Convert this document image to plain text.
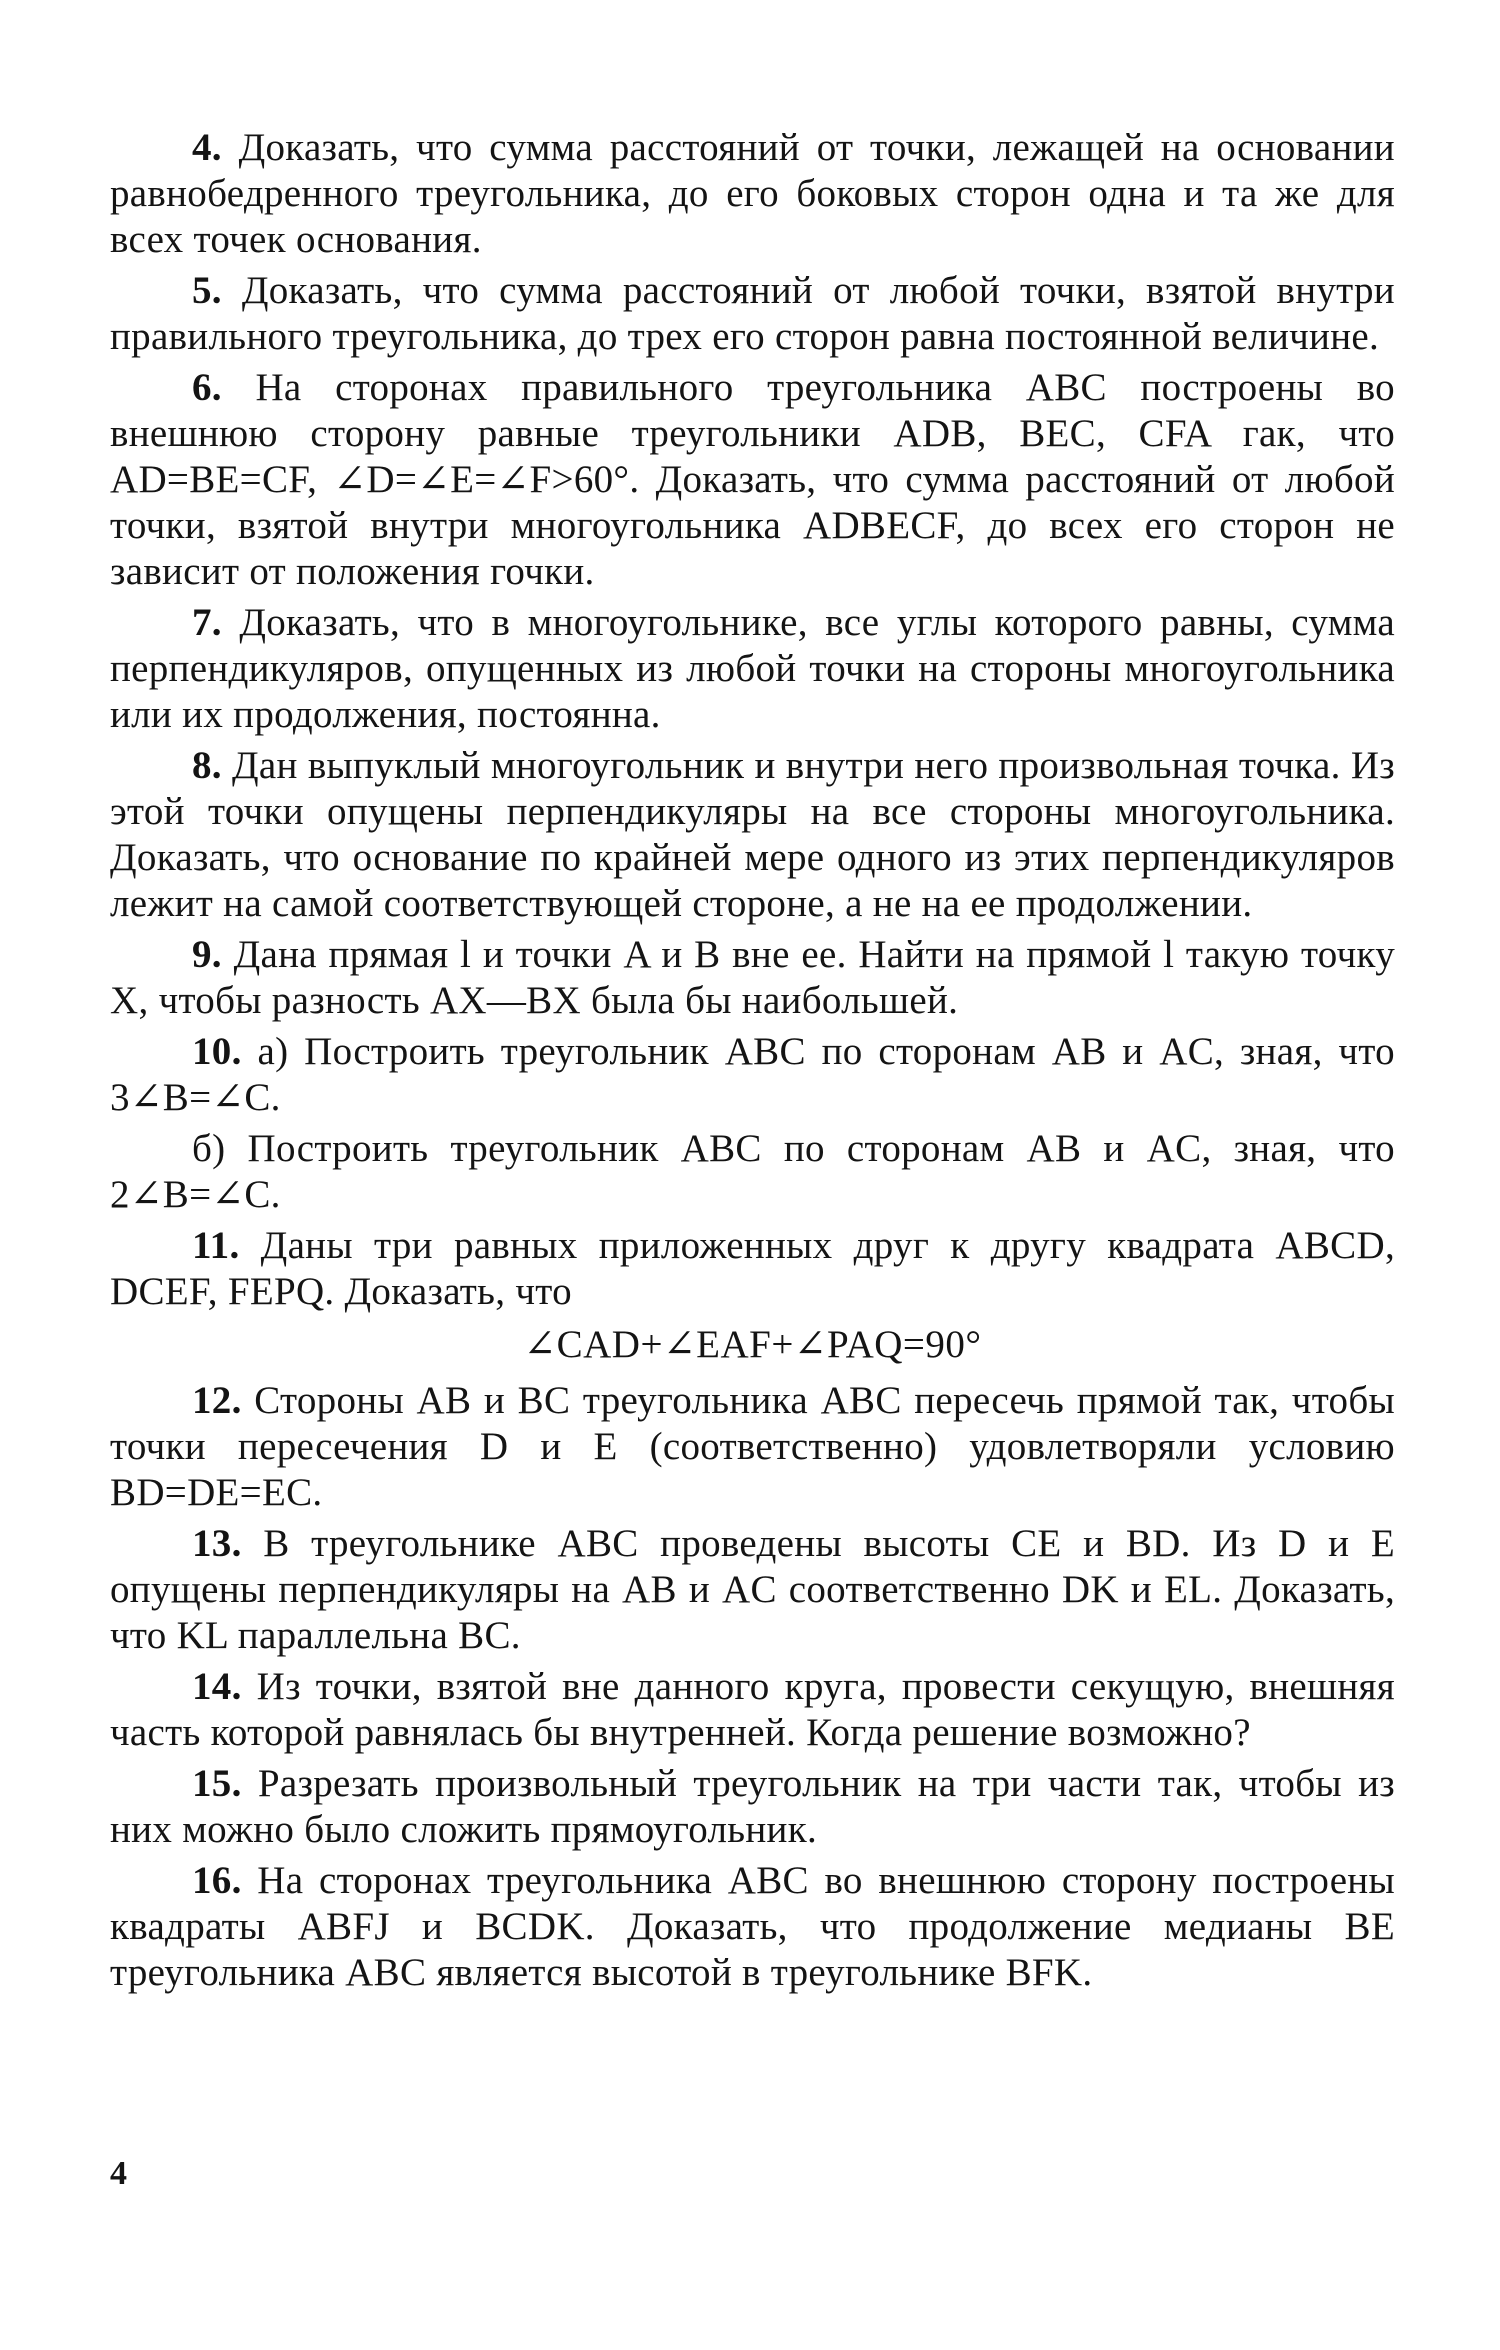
4. Доказать, что сумма расстояний от точки, лежащей на основании равнобедренного треугольника, до его боковых сторон одна и та же для всех точек основания.

5. Доказать, что сумма расстояний от любой точки, взятой внутри правильного треугольника, до трех его сторон равна постоянной величине.

6. На сторонах правильного треугольника ABC построены во внешнюю сторону равные треугольники ADB, BEC, CFA гак, что AD=BE=CF, ∠D=∠E=∠F>60°. Доказать, что сумма расстояний от любой точки, взятой внутри многоугольника ADBECF, до всех его сторон не зависит от положения гочки.

7. Доказать, что в многоугольнике, все углы которого равны, сумма перпендикуляров, опущенных из любой точки на стороны многоугольника или их продолжения, постоянна.

8. Дан выпуклый многоугольник и внутри него произвольная точка. Из этой точки опущены перпендикуляры на все стороны многоугольника. Доказать, что основание по крайней мере одного из этих перпендикуляров лежит на самой соответствующей стороне, а не на ее продолжении.

9. Дана прямая l и точки A и B вне ее. Найти на прямой l такую точку X, чтобы разность AX—BX была бы наибольшей.

10. а) Построить треугольник ABC по сторонам AB и AC, зная, что 3∠B=∠C.

б) Построить треугольник ABC по сторонам AB и AC, зная, что 2∠B=∠C.

11. Даны три равных приложенных друг к другу квадрата ABCD, DCEF, FEPQ. Доказать, что

∠CAD+∠EAF+∠PAQ=90°

12. Стороны AB и BC треугольника ABC пересечь прямой так, чтобы точки пересечения D и E (соответственно) удовлетворяли условию BD=DE=EC.

13. В треугольнике ABC проведены высоты CE и BD. Из D и E опущены перпендикуляры на AB и AC соответственно DK и EL. Доказать, что KL параллельна BC.

14. Из точки, взятой вне данного круга, провести секущую, внешняя часть которой равнялась бы внутренней. Когда решение возможно?

15. Разрезать произвольный треугольник на три части так, чтобы из них можно было сложить прямоугольник.

16. На сторонах треугольника ABC во внешнюю сторону построены квадраты ABFJ и BCDK. Доказать, что продолжение медианы BE треугольника ABC является высотой в треугольнике BFK.

4
